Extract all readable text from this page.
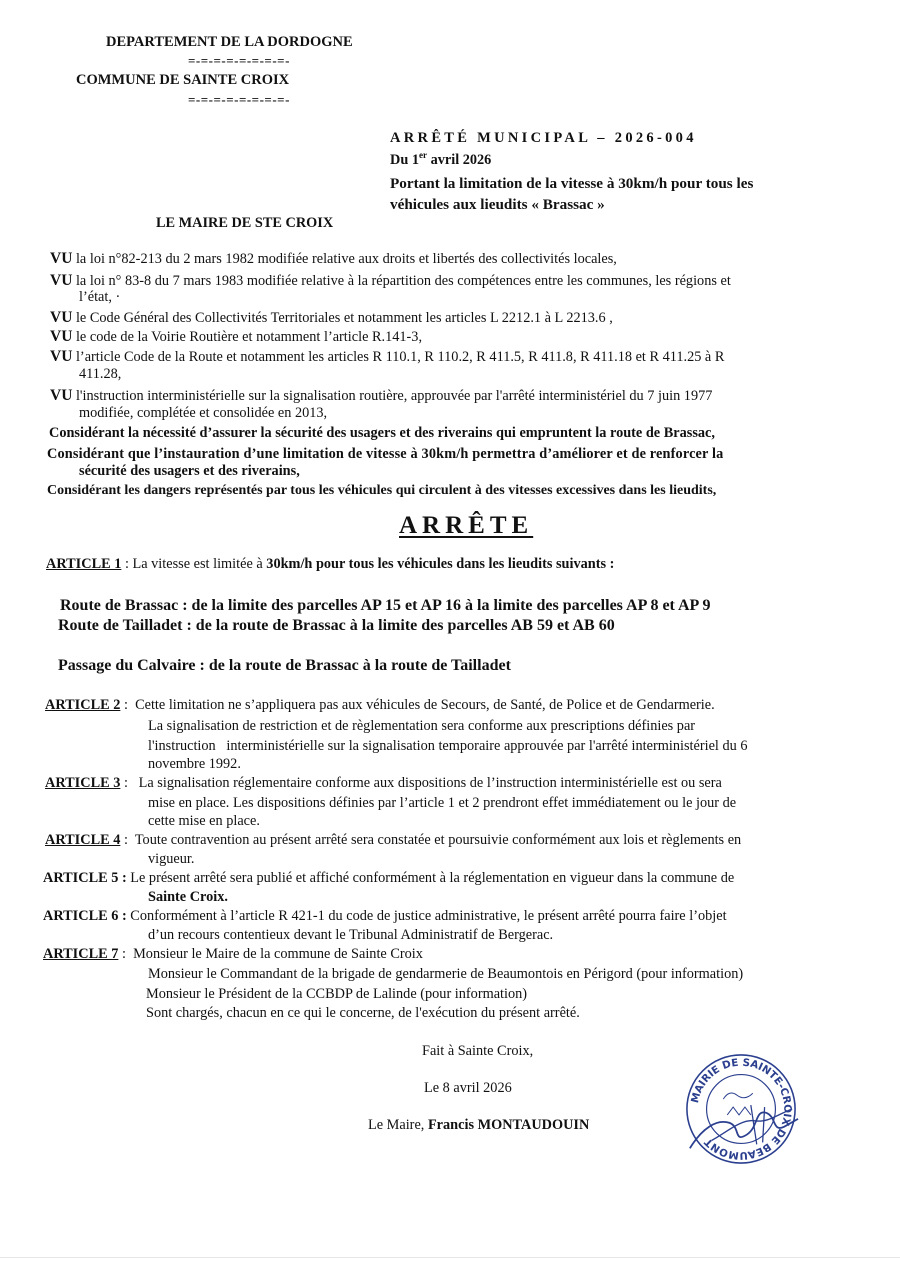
DEPARTEMENT DE LA DORDOGNE
=-=-=-=-=-=-=-=-
COMMUNE DE SAINTE CROIX
=-=-=-=-=-=-=-=-
ARRÊTÉ MUNICIPAL – 2026-004
Du 1er avril 2026
Portant la limitation de la vitesse à 30km/h pour tous les
véhicules aux lieudits « Brassac »
LE MAIRE DE STE CROIX
VU la loi n°82-213 du 2 mars 1982 modifiée relative aux droits et libertés des collectivités locales,
VU la loi n° 83-8 du 7 mars 1983 modifiée relative à la répartition des compétences entre les communes, les régions et
l’état, ·
VU le Code Général des Collectivités Territoriales et notamment les articles L 2212.1 à L 2213.6 ,
VU le code de la Voirie Routière et notamment l’article R.141-3,
VU l’article Code de la Route et notamment les articles R 110.1, R 110.2, R 411.5, R 411.8, R 411.18 et R 411.25 à R
411.28,
VU l'instruction interministérielle sur la signalisation routière, approuvée par l'arrêté interministériel du 7 juin 1977
modifiée, complétée et consolidée en 2013,
Considérant la nécessité d’assurer la sécurité des usagers et des riverains qui empruntent la route de Brassac,
Considérant que l’instauration d’une limitation de vitesse à 30km/h permettra d’améliorer et de renforcer la
sécurité des usagers et des riverains,
Considérant les dangers représentés par tous les véhicules qui circulent à des vitesses excessives dans les lieudits,
ARRÊTE
ARTICLE 1 : La vitesse est limitée à 30km/h pour tous les véhicules dans les lieudits suivants :
Route de Brassac : de la limite des parcelles AP 15 et AP 16 à la limite des parcelles AP 8 et AP 9
Route de Tailladet : de la route de Brassac à la limite des parcelles AB 59 et AB 60
Passage du Calvaire : de la route de Brassac à la route de Tailladet
ARTICLE 2 :  Cette limitation ne s’appliquera pas aux véhicules de Secours, de Santé, de Police et de Gendarmerie.
La signalisation de restriction et de règlementation sera conforme aux prescriptions définies par
l'instruction   interministérielle sur la signalisation temporaire approuvée par l'arrêté interministériel du 6
novembre 1992.
ARTICLE 3 :   La signalisation réglementaire conforme aux dispositions de l’instruction interministérielle est ou sera
mise en place. Les dispositions définies par l’article 1 et 2 prendront effet immédiatement ou le jour de
cette mise en place.
ARTICLE 4 :  Toute contravention au présent arrêté sera constatée et poursuivie conformément aux lois et règlements en
vigueur.
ARTICLE 5 : Le présent arrêté sera publié et affiché conformément à la réglementation en vigueur dans la commune de
Sainte Croix.
ARTICLE 6 : Conformément à l’article R 421-1 du code de justice administrative, le présent arrêté pourra faire l’objet
d’un recours contentieux devant le Tribunal Administratif de Bergerac.
ARTICLE 7 :  Monsieur le Maire de la commune de Sainte Croix
Monsieur le Commandant de la brigade de gendarmerie de Beaumontois en Périgord (pour information)
Monsieur le Président de la CCBDP de Lalinde (pour information)
Sont chargés, chacun en ce qui le concerne, de l'exécution du présent arrêté.
Fait à Sainte Croix,
Le 8 avril 2026
Le Maire, Francis MONTAUDOUIN
MAIRIE DE SAINTE-CROIX DE BEAUMONT
